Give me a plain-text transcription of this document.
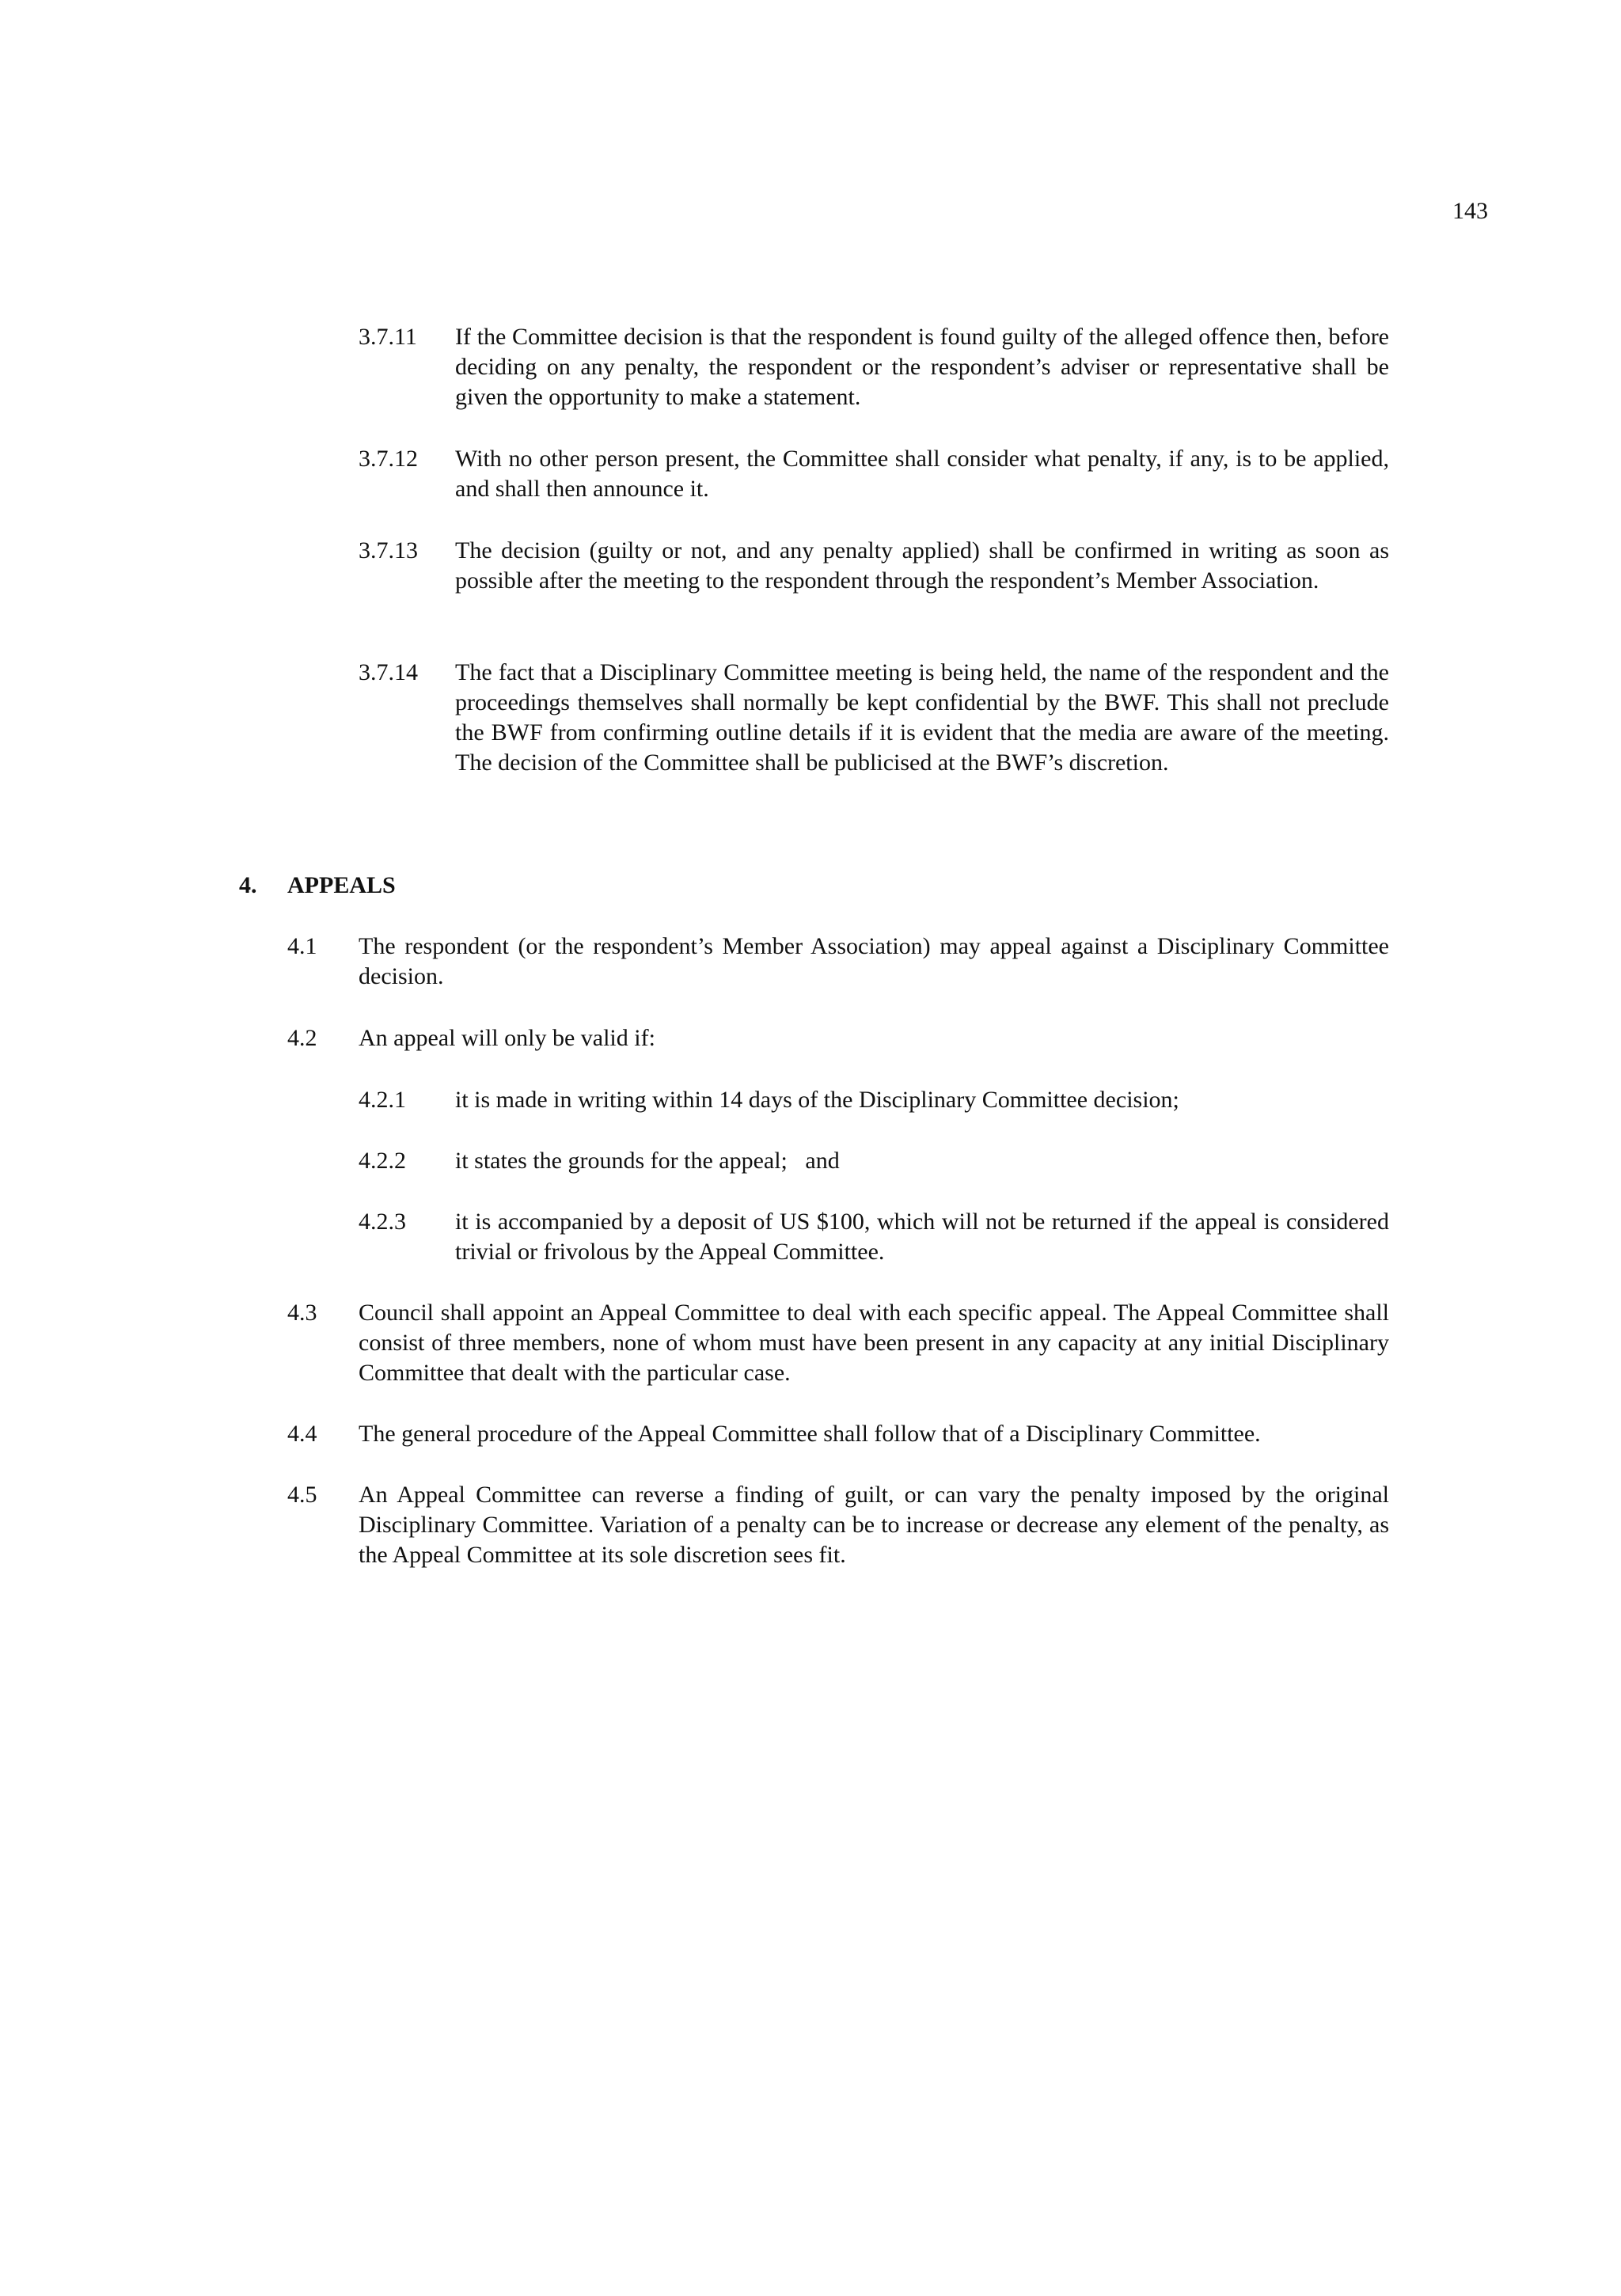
143
3.7.11 If the Committee decision is that the respondent is found guilty of the alleged offence then, before deciding on any penalty, the respondent or the respondent’s adviser or representative shall be given the opportunity to make a statement.
3.7.12 With no other person present, the Committee shall consider what penalty, if any, is to be applied, and shall then announce it.
3.7.13 The decision (guilty or not, and any penalty applied) shall be confirmed in writing as soon as possible after the meeting to the respondent through the respondent’s Member Association.
3.7.14 The fact that a Disciplinary Committee meeting is being held, the name of the respondent and the proceedings themselves shall normally be kept confidential by the BWF. This shall not preclude the BWF from confirming outline details if it is evident that the media are aware of the meeting. The decision of the Committee shall be publicised at the BWF’s discretion.
4. APPEALS
4.1 The respondent (or the respondent’s Member Association) may appeal against a Disciplinary Committee decision.
4.2 An appeal will only be valid if:
4.2.1 it is made in writing within 14 days of the Disciplinary Committee decision;
4.2.2 it states the grounds for the appeal;   and
4.2.3 it is accompanied by a deposit of US $100, which will not be returned if the appeal is considered trivial or frivolous by the Appeal Committee.
4.3 Council shall appoint an Appeal Committee to deal with each specific appeal. The Appeal Committee shall consist of three members, none of whom must have been present in any capacity at any initial Disciplinary Committee that dealt with the particular case.
4.4 The general procedure of the Appeal Committee shall follow that of a Disciplinary Committee.
4.5 An Appeal Committee can reverse a finding of guilt, or can vary the penalty imposed by the original Disciplinary Committee. Variation of a penalty can be to increase or decrease any element of the penalty, as the Appeal Committee at its sole discretion sees fit.
